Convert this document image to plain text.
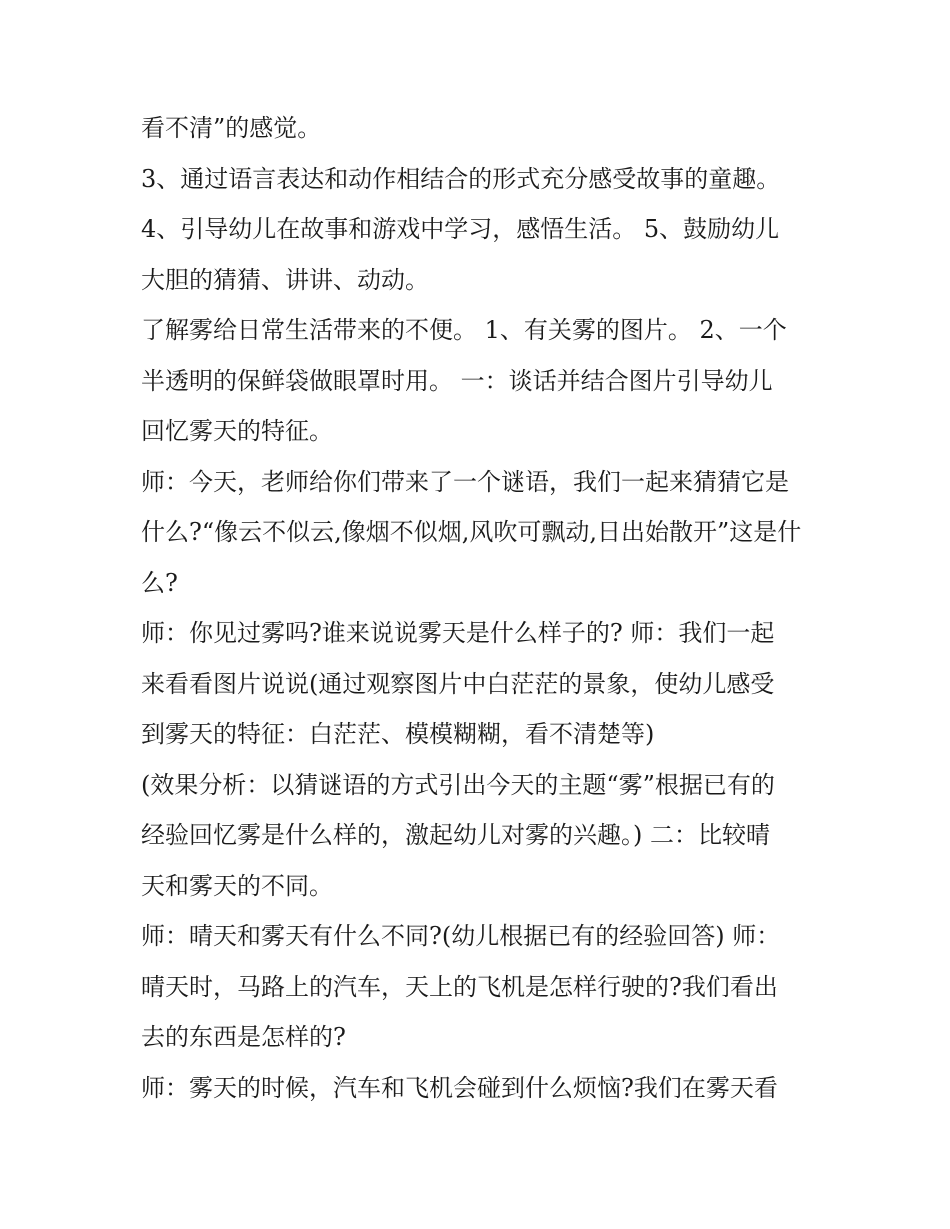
看不清”的感觉。
3、通过语言表达和动作相结合的形式充分感受故事的童趣。
4、引导幼儿在故事和游戏中学习，感悟生活。 5、鼓励幼儿
大胆的猜猜、讲讲、动动。
了解雾给日常生活带来的不便。 1、有关雾的图片。 2、一个
半透明的保鲜袋做眼罩时用。 一：谈话并结合图片引导幼儿
回忆雾天的特征。
师：今天，老师给你们带来了一个谜语，我们一起来猜猜它是
什么?“像云不似云,像烟不似烟,风吹可飘动,日出始散开”这是什
么?
师：你见过雾吗?谁来说说雾天是什么样子的? 师：我们一起
来看看图片说说(通过观察图片中白茫茫的景象，使幼儿感受
到雾天的特征：白茫茫、模模糊糊，看不清楚等)
(效果分析：以猜谜语的方式引出今天的主题“雾”根据已有的
经验回忆雾是什么样的，激起幼儿对雾的兴趣。) 二：比较晴
天和雾天的不同。
师：晴天和雾天有什么不同?(幼儿根据已有的经验回答) 师：
晴天时，马路上的汽车，天上的飞机是怎样行驶的?我们看出
去的东西是怎样的?
师：雾天的时候，汽车和飞机会碰到什么烦恼?我们在雾天看
